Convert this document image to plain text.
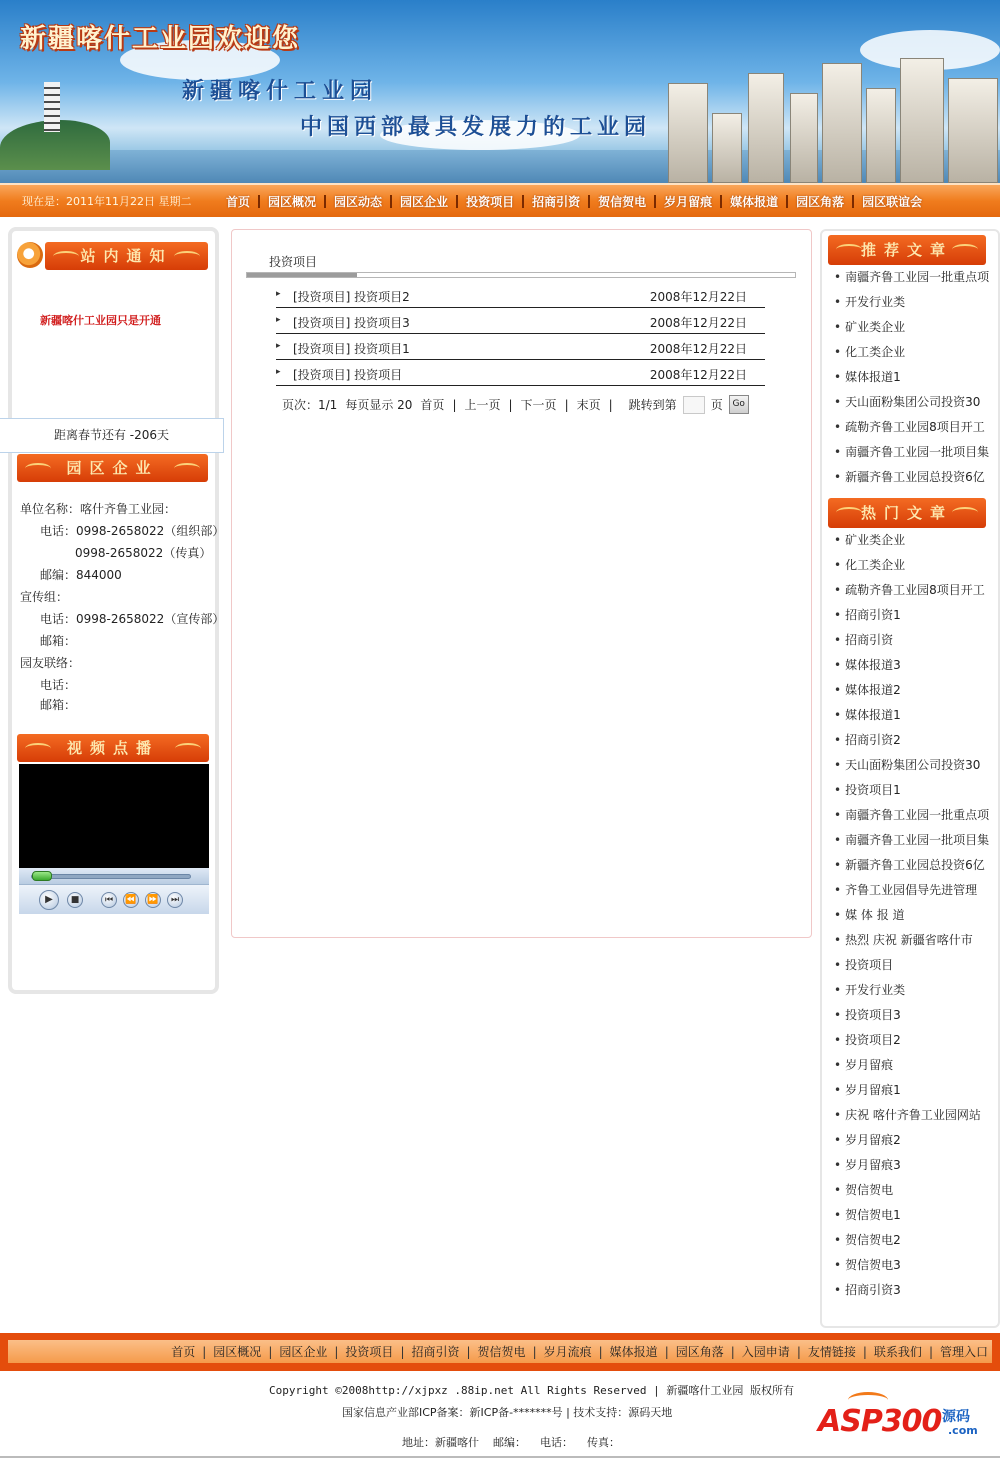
新疆喀什工业园欢迎您
新疆喀什工业园
中国西部最具发展力的工业园
现在是：2011年11月22日 星期二	首页	园区概况	园区动态	园区企业	投资项目	招商引资	贺信贺电	岁月留痕	媒体报道	园区角落	园区联谊会
站内通知
新疆喀什工业园只是开通
距离春节还有 -206天
园区企业
单位名称：喀什齐鲁工业园：
电话：0998-2658022（组织部）
0998-2658022（传真）
邮编：844000
宣传组：
电话：0998-2658022（宣传部）
邮箱：
园友联络：
电话：
邮箱：
视频点播
▶	■	⏮	⏪ ⏩	⏭
投资项目
▸ [投资项目] 投资项目2	2008年12月22日
▸ [投资项目] 投资项目3	2008年12月22日
▸ [投资项目] 投资项目1	2008年12月22日
▸ [投资项目] 投资项目	2008年12月22日
页次：1/1 每页显示 20 首页 | 上一页 | 下一页 | 末页 | 跳转到第	页	Go
推荐文章
• 南疆齐鲁工业园一批重点项
• 开发行业类
• 矿业类企业
• 化工类企业
• 媒体报道1
• 天山面粉集团公司投资30
• 疏勒齐鲁工业园8项目开工
• 南疆齐鲁工业园一批项目集
• 新疆齐鲁工业园总投资6亿
热门文章
• 矿业类企业
• 化工类企业
• 疏勒齐鲁工业园8项目开工
• 招商引资1
• 招商引资
• 媒体报道3
• 媒体报道2
• 媒体报道1
• 招商引资2
• 天山面粉集团公司投资30
• 投资项目1
• 南疆齐鲁工业园一批重点项
• 南疆齐鲁工业园一批项目集
• 新疆齐鲁工业园总投资6亿
• 齐鲁工业园倡导先进管理
• 媒 体 报 道
• 热烈 庆祝 新疆省喀什市
• 投资项目
• 开发行业类
• 投资项目3
• 投资项目2
• 岁月留痕
• 岁月留痕1
• 庆祝 喀什齐鲁工业园网站
• 岁月留痕2
• 岁月留痕3
• 贺信贺电
• 贺信贺电1
• 贺信贺电2
• 贺信贺电3
• 招商引资3
首页 | 园区概况 | 园区企业 | 投资项目 | 招商引资 | 贺信贺电 | 岁月流痕 | 媒体报道 | 园区角落 | 入园申请 | 友情链接 | 联系我们 | 管理入口
Copyright ©2008http://xjpxz .88ip.net All Rights Reserved | 新疆喀什工业园 版权所有
国家信息产业部ICP备案：新ICP备-*******号 | 技术支持：源码天地
地址：新疆喀什    邮编：    电话：    传真：
ASP300 源码
.com
